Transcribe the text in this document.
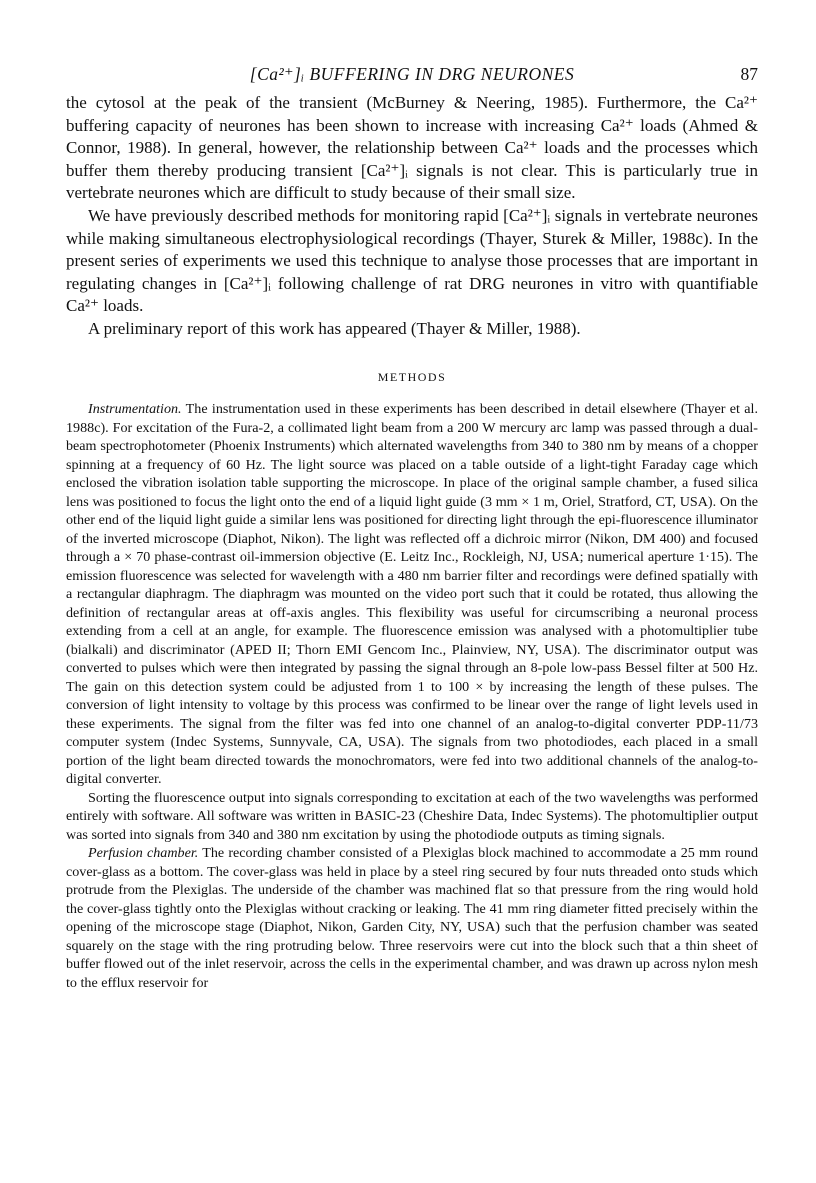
[Ca²⁺]ᵢ BUFFERING IN DRG NEURONES	87

the cytosol at the peak of the transient (McBurney & Neering, 1985). Furthermore, the Ca²⁺ buffering capacity of neurones has been shown to increase with increasing Ca²⁺ loads (Ahmed & Connor, 1988). In general, however, the relationship between Ca²⁺ loads and the processes which buffer them thereby producing transient [Ca²⁺]ᵢ signals is not clear. This is particularly true in vertebrate neurones which are difficult to study because of their small size.

We have previously described methods for monitoring rapid [Ca²⁺]ᵢ signals in vertebrate neurones while making simultaneous electrophysiological recordings (Thayer, Sturek & Miller, 1988c). In the present series of experiments we used this technique to analyse those processes that are important in regulating changes in [Ca²⁺]ᵢ following challenge of rat DRG neurones in vitro with quantifiable Ca²⁺ loads.

A preliminary report of this work has appeared (Thayer & Miller, 1988).

METHODS

Instrumentation. The instrumentation used in these experiments has been described in detail elsewhere (Thayer et al. 1988c). For excitation of the Fura-2, a collimated light beam from a 200 W mercury arc lamp was passed through a dual-beam spectrophotometer (Phoenix Instruments) which alternated wavelengths from 340 to 380 nm by means of a chopper spinning at a frequency of 60 Hz. The light source was placed on a table outside of a light-tight Faraday cage which enclosed the vibration isolation table supporting the microscope. In place of the original sample chamber, a fused silica lens was positioned to focus the light onto the end of a liquid light guide (3 mm × 1 m, Oriel, Stratford, CT, USA). On the other end of the liquid light guide a similar lens was positioned for directing light through the epi-fluorescence illuminator of the inverted microscope (Diaphot, Nikon). The light was reflected off a dichroic mirror (Nikon, DM 400) and focused through a × 70 phase-contrast oil-immersion objective (E. Leitz Inc., Rockleigh, NJ, USA; numerical aperture 1·15). The emission fluorescence was selected for wavelength with a 480 nm barrier filter and recordings were defined spatially with a rectangular diaphragm. The diaphragm was mounted on the video port such that it could be rotated, thus allowing the definition of rectangular areas at off-axis angles. This flexibility was useful for circumscribing a neuronal process extending from a cell at an angle, for example. The fluorescence emission was analysed with a photomultiplier tube (bialkali) and discriminator (APED II; Thorn EMI Gencom Inc., Plainview, NY, USA). The discriminator output was converted to pulses which were then integrated by passing the signal through an 8-pole low-pass Bessel filter at 500 Hz. The gain on this detection system could be adjusted from 1 to 100 × by increasing the length of these pulses. The conversion of light intensity to voltage by this process was confirmed to be linear over the range of light levels used in these experiments. The signal from the filter was fed into one channel of an analog-to-digital converter PDP-11/73 computer system (Indec Systems, Sunnyvale, CA, USA). The signals from two photodiodes, each placed in a small portion of the light beam directed towards the monochromators, were fed into two additional channels of the analog-to-digital converter.

Sorting the fluorescence output into signals corresponding to excitation at each of the two wavelengths was performed entirely with software. All software was written in BASIC-23 (Cheshire Data, Indec Systems). The photomultiplier output was sorted into signals from 340 and 380 nm excitation by using the photodiode outputs as timing signals.

Perfusion chamber. The recording chamber consisted of a Plexiglas block machined to accommodate a 25 mm round cover-glass as a bottom. The cover-glass was held in place by a steel ring secured by four nuts threaded onto studs which protrude from the Plexiglas. The underside of the chamber was machined flat so that pressure from the ring would hold the cover-glass tightly onto the Plexiglas without cracking or leaking. The 41 mm ring diameter fitted precisely within the opening of the microscope stage (Diaphot, Nikon, Garden City, NY, USA) such that the perfusion chamber was seated squarely on the stage with the ring protruding below. Three reservoirs were cut into the block such that a thin sheet of buffer flowed out of the inlet reservoir, across the cells in the experimental chamber, and was drawn up across nylon mesh to the efflux reservoir for
